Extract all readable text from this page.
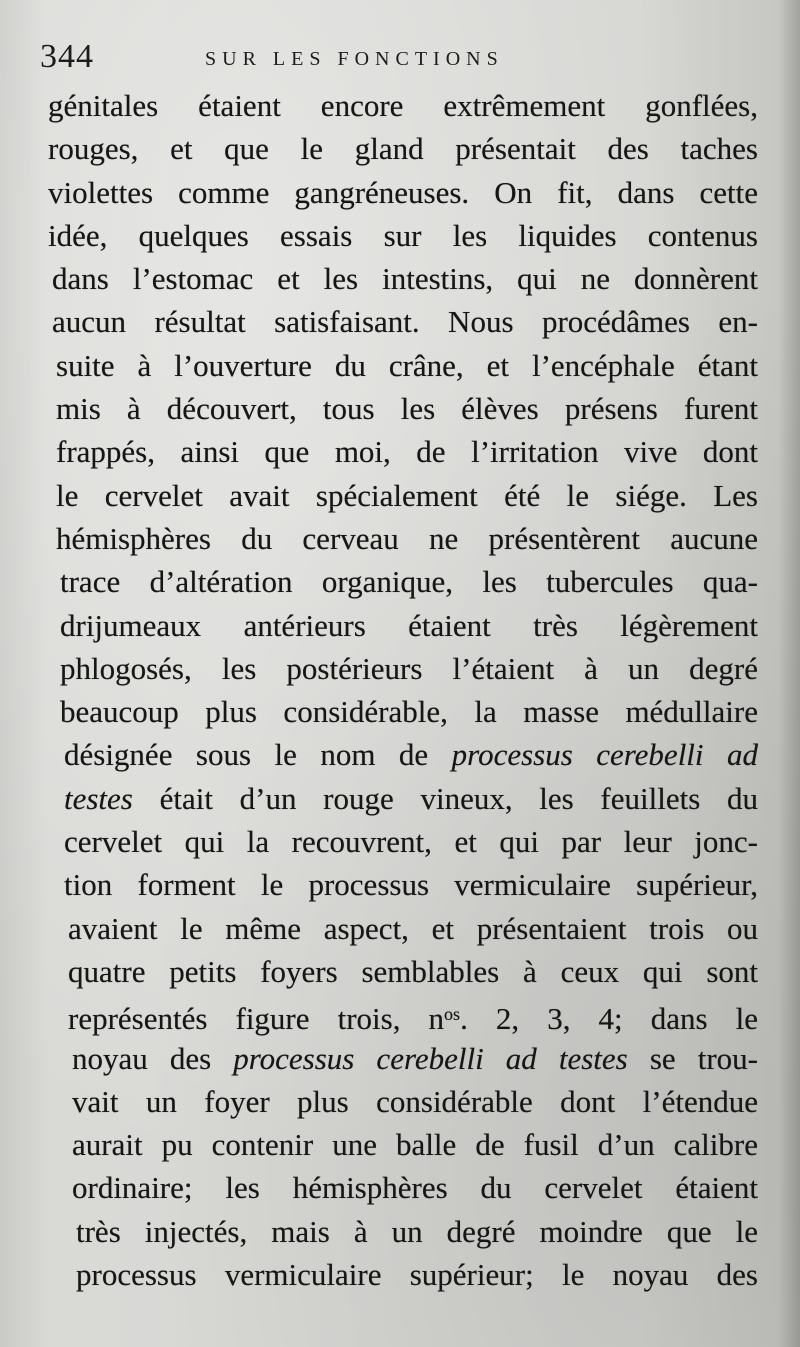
344	SUR LES FONCTIONS
génitales étaient encore extrêmement gonflées,
rouges, et que le gland présentait des taches
violettes comme gangréneuses. On fit, dans cette
idée, quelques essais sur les liquides contenus
dans l’estomac et les intestins, qui ne donnèrent
aucun résultat satisfaisant. Nous procédâmes en-
suite à l’ouverture du crâne, et l’encéphale étant
mis à découvert, tous les élèves présens furent
frappés, ainsi que moi, de l’irritation vive dont
le cervelet avait spécialement été le siége. Les
hémisphères du cerveau ne présentèrent aucune
trace d’altération organique, les tubercules qua-
drijumeaux antérieurs étaient très légèrement
phlogosés, les postérieurs l’étaient à un degré
beaucoup plus considérable, la masse médullaire
désignée sous le nom de processus cerebelli ad
testes était d’un rouge vineux, les feuillets du
cervelet qui la recouvrent, et qui par leur jonc-
tion forment le processus vermiculaire supérieur,
avaient le même aspect, et présentaient trois ou
quatre petits foyers semblables à ceux qui sont
représentés figure trois, $n^{os}$. 2, 3, 4; dans le
noyau des processus cerebelli ad testes se trou-
vait un foyer plus considérable dont l’étendue
aurait pu contenir une balle de fusil d’un calibre
ordinaire; les hémisphères du cervelet étaient
très injectés, mais à un degré moindre que le
processus vermiculaire supérieur; le noyau des
